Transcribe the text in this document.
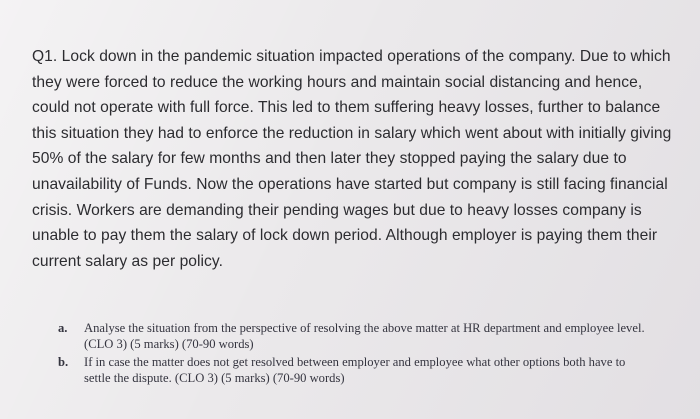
Q1. Lock down in the pandemic situation impacted operations of the company. Due to which they were forced to reduce the working hours and maintain social distancing and hence, could not operate with full force. This led to them suffering heavy losses, further to balance this situation they had to enforce the reduction in salary which went about with initially giving 50% of the salary for few months and then later they stopped paying the salary due to unavailability of Funds. Now the operations have started but company is still facing financial crisis. Workers are demanding their pending wages but due to heavy losses company is unable to pay them the salary of lock down period. Although employer is paying them their current salary as per policy.

a.	Analyse the situation from the perspective of resolving the above matter at HR department and employee level. (CLO 3) (5 marks) (70-90 words)
b.	If in case the matter does not get resolved between employer and employee what other options both have to settle the dispute. (CLO 3) (5 marks) (70-90 words)
